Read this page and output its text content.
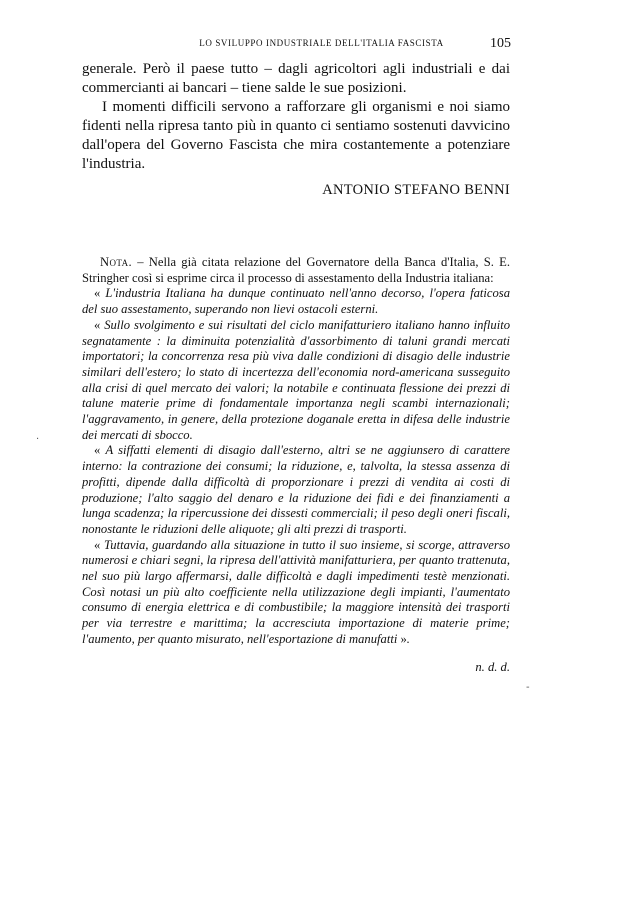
LO SVILUPPO INDUSTRIALE DELL'ITALIA FASCISTA	105

generale. Però il paese tutto – dagli agricoltori agli industriali e dai commercianti ai bancari – tiene salde le sue posizioni.

I momenti difficili servono a rafforzare gli organismi e noi siamo fidenti nella ripresa tanto più in quanto ci sentiamo sostenuti davvicino dall'opera del Governo Fascista che mira costantemente a potenziare l'industria.

ANTONIO STEFANO BENNI

Nota. – Nella già citata relazione del Governatore della Banca d'Italia, S. E. Stringher così si esprime circa il processo di assestamento della Industria italiana:

« L'industria Italiana ha dunque continuato nell'anno decorso, l'opera faticosa del suo assestamento, superando non lievi ostacoli esterni.

« Sullo svolgimento e sui risultati del ciclo manifatturiero italiano hanno influito segnatamente : la diminuita potenzialità d'assorbimento di taluni grandi mercati importatori; la concorrenza resa più viva dalle condizioni di disagio delle industrie similari dell'estero; lo stato di incertezza dell'economia nord-americana susseguito alla crisi di quel mercato dei valori; la notabile e continuata flessione dei prezzi di talune materie prime di fondamentale importanza negli scambi internazionali; l'aggravamento, in genere, della protezione doganale eretta in difesa delle industrie dei mercati di sbocco.

« A siffatti elementi di disagio dall'esterno, altri se ne aggiunsero di carattere interno: la contrazione dei consumi; la riduzione, e, talvolta, la stessa assenza di profitti, dipende dalla difficoltà di proporzionare i prezzi di vendita ai costi di produzione; l'alto saggio del denaro e la riduzione dei fidi e dei finanziamenti a lunga scadenza; la ripercussione dei dissesti commerciali; il peso degli oneri fiscali, nonostante le riduzioni delle aliquote; gli alti prezzi di trasporti.

« Tuttavia, guardando alla situazione in tutto il suo insieme, si scorge, attraverso numerosi e chiari segni, la ripresa dell'attività manifatturiera, per quanto trattenuta, nel suo più largo affermarsi, dalle difficoltà e dagli impedimenti testè menzionati. Così notasi un più alto coefficiente nella utilizzazione degli impianti, l'aumentato consumo di energia elettrica e di combustibile; la maggiore intensità dei trasporti per via terrestre e marittima; la accresciuta importazione di materie prime; l'aumento, per quanto misurato, nell'esportazione di manufatti ».

n. d. d.

·
-
